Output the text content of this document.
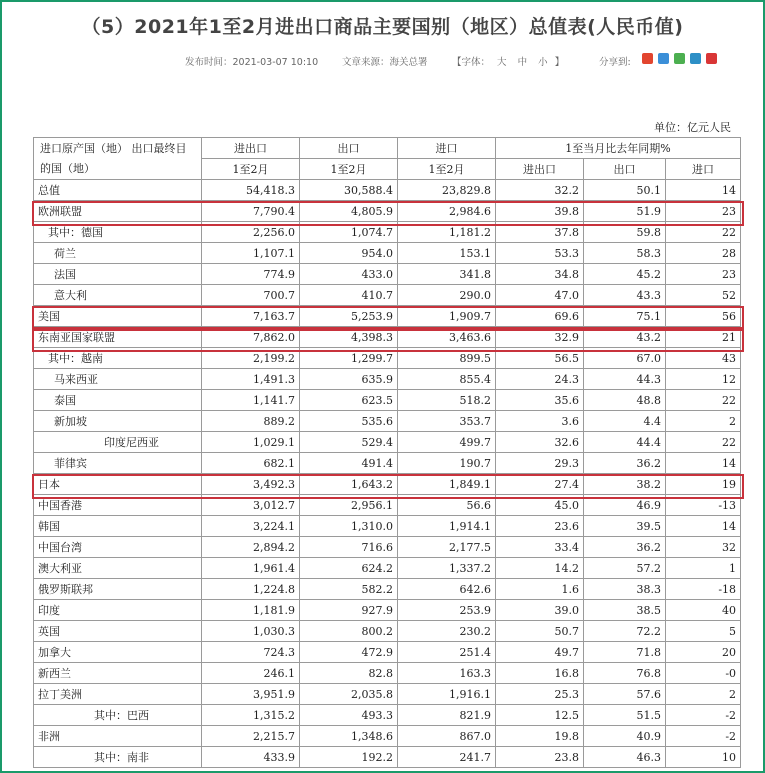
（5）2021年1至2月进出口商品主要国别（地区）总值表(人民币值)
发布时间：2021-03-07 10:10	文章来源：海关总署	【字体： 大 中 小 】	分享到:
单位：亿元人民
进口原产国（地） 出口最终目的国（地）	进出口	出口	进口	1至当月比去年同期%		
	1至2月	1至2月	1至2月	进出口	出口	进口
总值	54,418.3	30,588.4	23,829.8	32.2	50.1	14
欧洲联盟	7,790.4	4,805.9	2,984.6	39.8	51.9	23
其中：德国	2,256.0	1,074.7	1,181.2	37.8	59.8	22
荷兰	1,107.1	954.0	153.1	53.3	58.3	28
法国	774.9	433.0	341.8	34.8	45.2	23
意大利	700.7	410.7	290.0	47.0	43.3	52
美国	7,163.7	5,253.9	1,909.7	69.6	75.1	56
东南亚国家联盟	7,862.0	4,398.3	3,463.6	32.9	43.2	21
其中：越南	2,199.2	1,299.7	899.5	56.5	67.0	43
马来西亚	1,491.3	635.9	855.4	24.3	44.3	12
泰国	1,141.7	623.5	518.2	35.6	48.8	22
新加坡	889.2	535.6	353.7	3.6	4.4	2
印度尼西亚	1,029.1	529.4	499.7	32.6	44.4	22
菲律宾	682.1	491.4	190.7	29.3	36.2	14
日本	3,492.3	1,643.2	1,849.1	27.4	38.2	19
中国香港	3,012.7	2,956.1	56.6	45.0	46.9	-13
韩国	3,224.1	1,310.0	1,914.1	23.6	39.5	14
中国台湾	2,894.2	716.6	2,177.5	33.4	36.2	32
澳大利亚	1,961.4	624.2	1,337.2	14.2	57.2	1
俄罗斯联邦	1,224.8	582.2	642.6	1.6	38.3	-18
印度	1,181.9	927.9	253.9	39.0	38.5	40
英国	1,030.3	800.2	230.2	50.7	72.2	5
加拿大	724.3	472.9	251.4	49.7	71.8	20
新西兰	246.1	82.8	163.3	16.8	76.8	-0
拉丁美洲	3,951.9	2,035.8	1,916.1	25.3	57.6	2
其中：巴西	1,315.2	493.3	821.9	12.5	51.5	-2
非洲	2,215.7	1,348.6	867.0	19.8	40.9	-2
其中：南非	433.9	192.2	241.7	23.8	46.3	10
